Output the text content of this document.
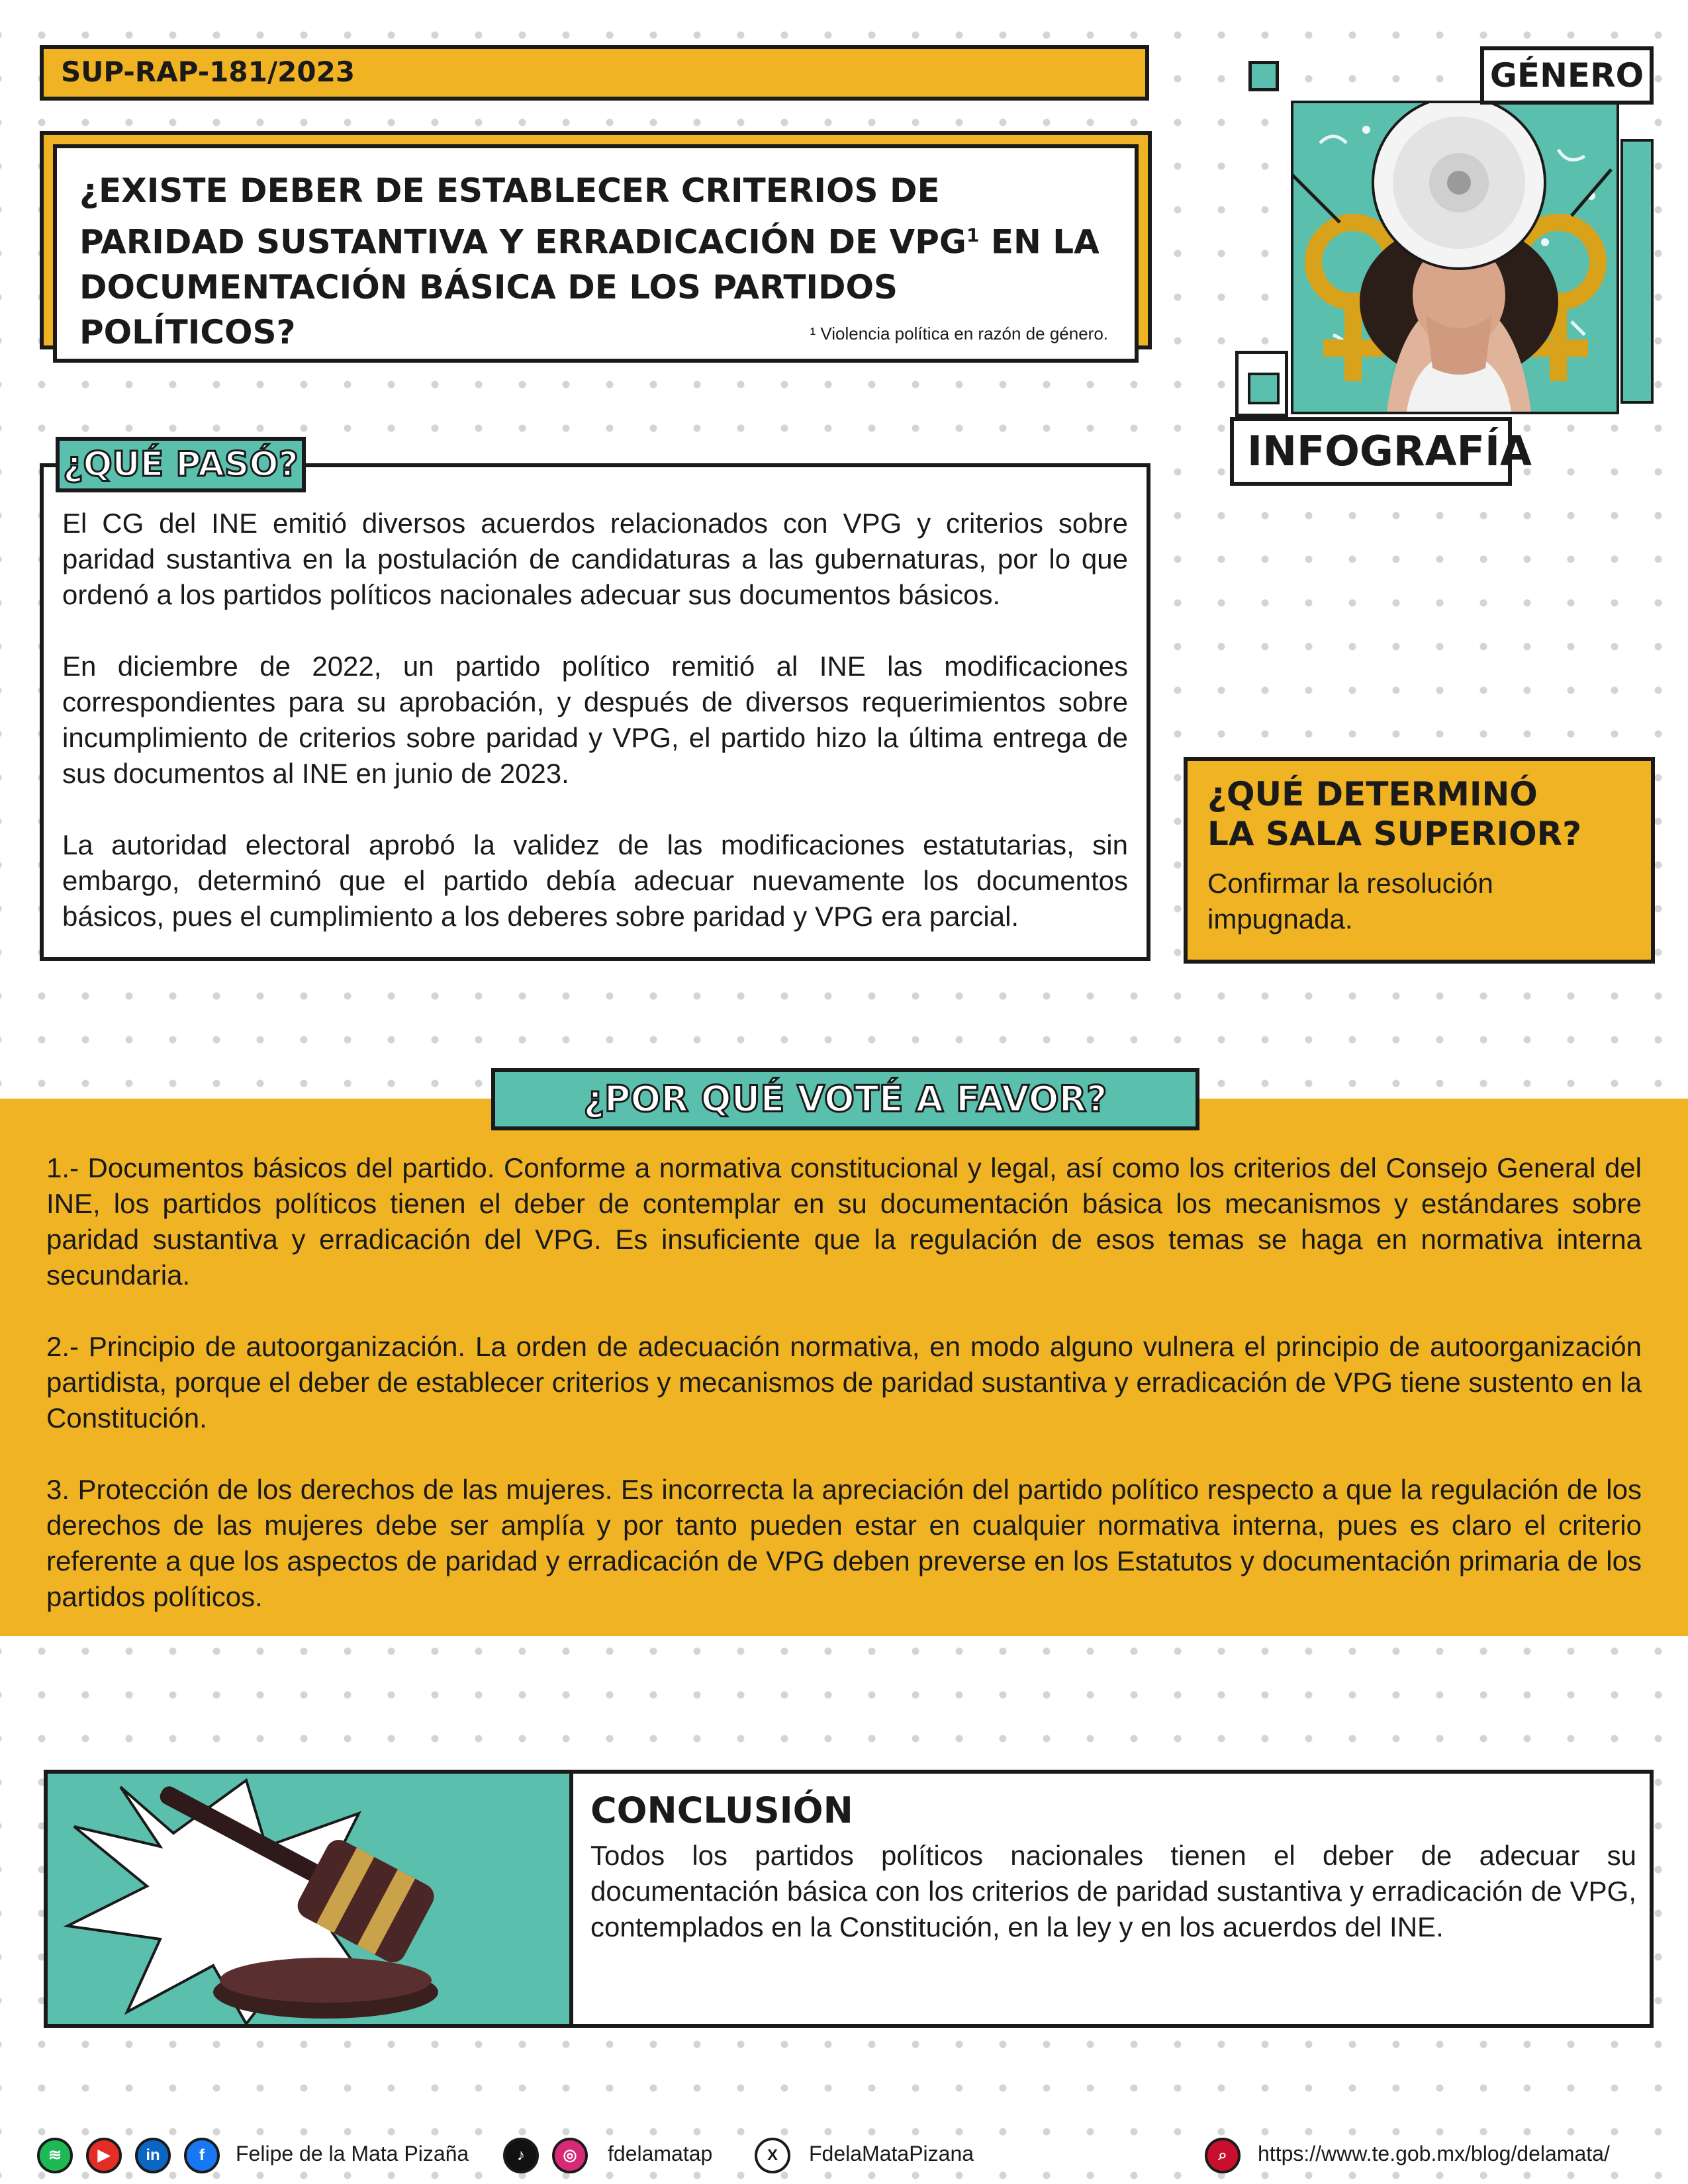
SUP-RAP-181/2023

¿EXISTE DEBER DE ESTABLECER CRITERIOS DE PARIDAD SUSTANTIVA Y ERRADICACIÓN DE VPG$^1$ EN LA DOCUMENTACIÓN BÁSICA DE LOS PARTIDOS POLÍTICOS?	¹ Violencia política en razón de género.
GÉNERO
INFOGRAFÍA
¿QUÉ PASÓ?

El CG del INE emitió diversos acuerdos relacionados con VPG y criterios sobre paridad sustantiva en la postulación de candidaturas a las gubernaturas, por lo que ordenó a los partidos políticos nacionales adecuar sus documentos básicos.

En diciembre de 2022, un partido político remitió al INE las modificaciones correspondientes para su aprobación, y después de diversos requerimientos sobre incumplimiento de criterios sobre paridad y VPG, el partido hizo la última entrega de sus documentos al INE en junio de 2023.

La autoridad electoral aprobó la validez de las modificaciones estatutarias, sin embargo, determinó que el partido debía adecuar nuevamente los documentos básicos, pues el cumplimiento a los deberes sobre paridad y VPG era parcial.

¿QUÉ DETERMINÓ
LA SALA SUPERIOR?

Confirmar la resolución impugnada.

¿POR QUÉ VOTÉ A FAVOR?

1.- Documentos básicos del partido. Conforme a normativa constitucional y legal, así como los criterios del Consejo General del INE, los partidos políticos tienen el deber de contemplar en su documentación básica los mecanismos y estándares sobre paridad sustantiva y erradicación del VPG. Es insuficiente que la regulación de esos temas se haga en normativa interna secundaria.

2.- Principio de autoorganización. La orden de adecuación normativa, en modo alguno vulnera el principio de autoorganización partidista, porque el deber de establecer criterios y mecanismos de paridad sustantiva y erradicación de VPG tiene sustento en la Constitución.

3. Protección de los derechos de las mujeres. Es incorrecta la apreciación del partido político respecto a que la regulación de los derechos de las mujeres debe ser amplía y por tanto pueden estar en cualquier normativa interna, pues es claro el criterio referente a que los aspectos de paridad y erradicación de VPG deben preverse en los Estatutos y documentación primaria de los partidos políticos.

CONCLUSIÓN

Todos los partidos políticos nacionales tienen el deber de adecuar su documentación básica con los criterios de paridad sustantiva y erradicación de VPG, contemplados en la Constitución, en la ley y en los acuerdos del INE.

≋	▶	in	f	Felipe de la Mata Pizaña	♪	◎	fdelamatap	X	FdelaMataPizana	⌕	https://www.te.gob.mx/blog/delamata/
